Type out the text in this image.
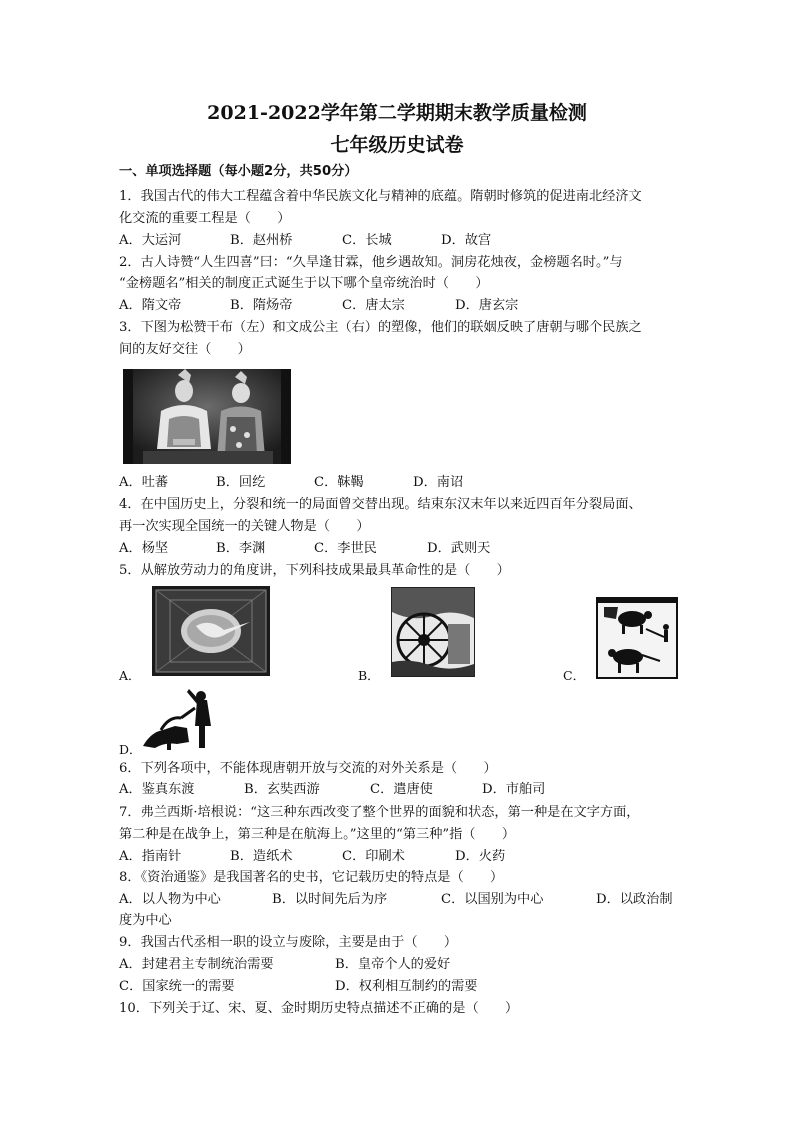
2021-2022学年第二学期期末教学质量检测
七年级历史试卷
一、单项选择题（每小题2分，共50分）
1．我国古代的伟大工程蕴含着中华民族文化与精神的底蕴。隋朝时修筑的促进南北经济文
化交流的重要工程是（　　）
A．大运河	B．赵州桥	C．长城	D．故宫
2．古人诗赞“人生四喜”曰：“久旱逢甘霖，他乡遇故知。洞房花烛夜，金榜题名时。”与
“金榜题名”相关的制度正式诞生于以下哪个皇帝统治时（　　）
A．隋文帝	B．隋炀帝	C．唐太宗	D．唐玄宗
3．下图为松赞干布（左）和文成公主（右）的塑像，他们的联姻反映了唐朝与哪个民族之
间的友好交往（　　）
A．吐蕃	B．回纥	C．靺鞨	D．南诏
4．在中国历史上，分裂和统一的局面曾交替出现。结束东汉末年以来近四百年分裂局面、
再一次实现全国统一的关键人物是（　　）
A．杨坚	B．李渊	C．李世民	D．武则天
5．从解放劳动力的角度讲，下列科技成果最具革命性的是（　　）
A．	B．	C．
D．
6．下列各项中，不能体现唐朝开放与交流的对外关系是（　　）
A．鉴真东渡	B．玄奘西游	C．遣唐使	D．市舶司
7．弗兰西斯·培根说：“这三种东西改变了整个世界的面貌和状态，第一种是在文字方面，
第二种是在战争上，第三种是在航海上。”这里的“第三种”指（　　）
A．指南针	B．造纸术	C．印刷术	D．火药
8．《资治通鉴》是我国著名的史书，它记载历史的特点是（　　）
A．以人物为中心	B．以时间先后为序	C．以国别为中心	D．以政治制
度为中心
9．我国古代丞相一职的设立与废除，主要是由于（　　）
A．封建君主专制统治需要	B．皇帝个人的爱好
C．国家统一的需要	D．权利相互制约的需要
10．下列关于辽、宋、夏、金时期历史特点描述不正确的是（　　）
